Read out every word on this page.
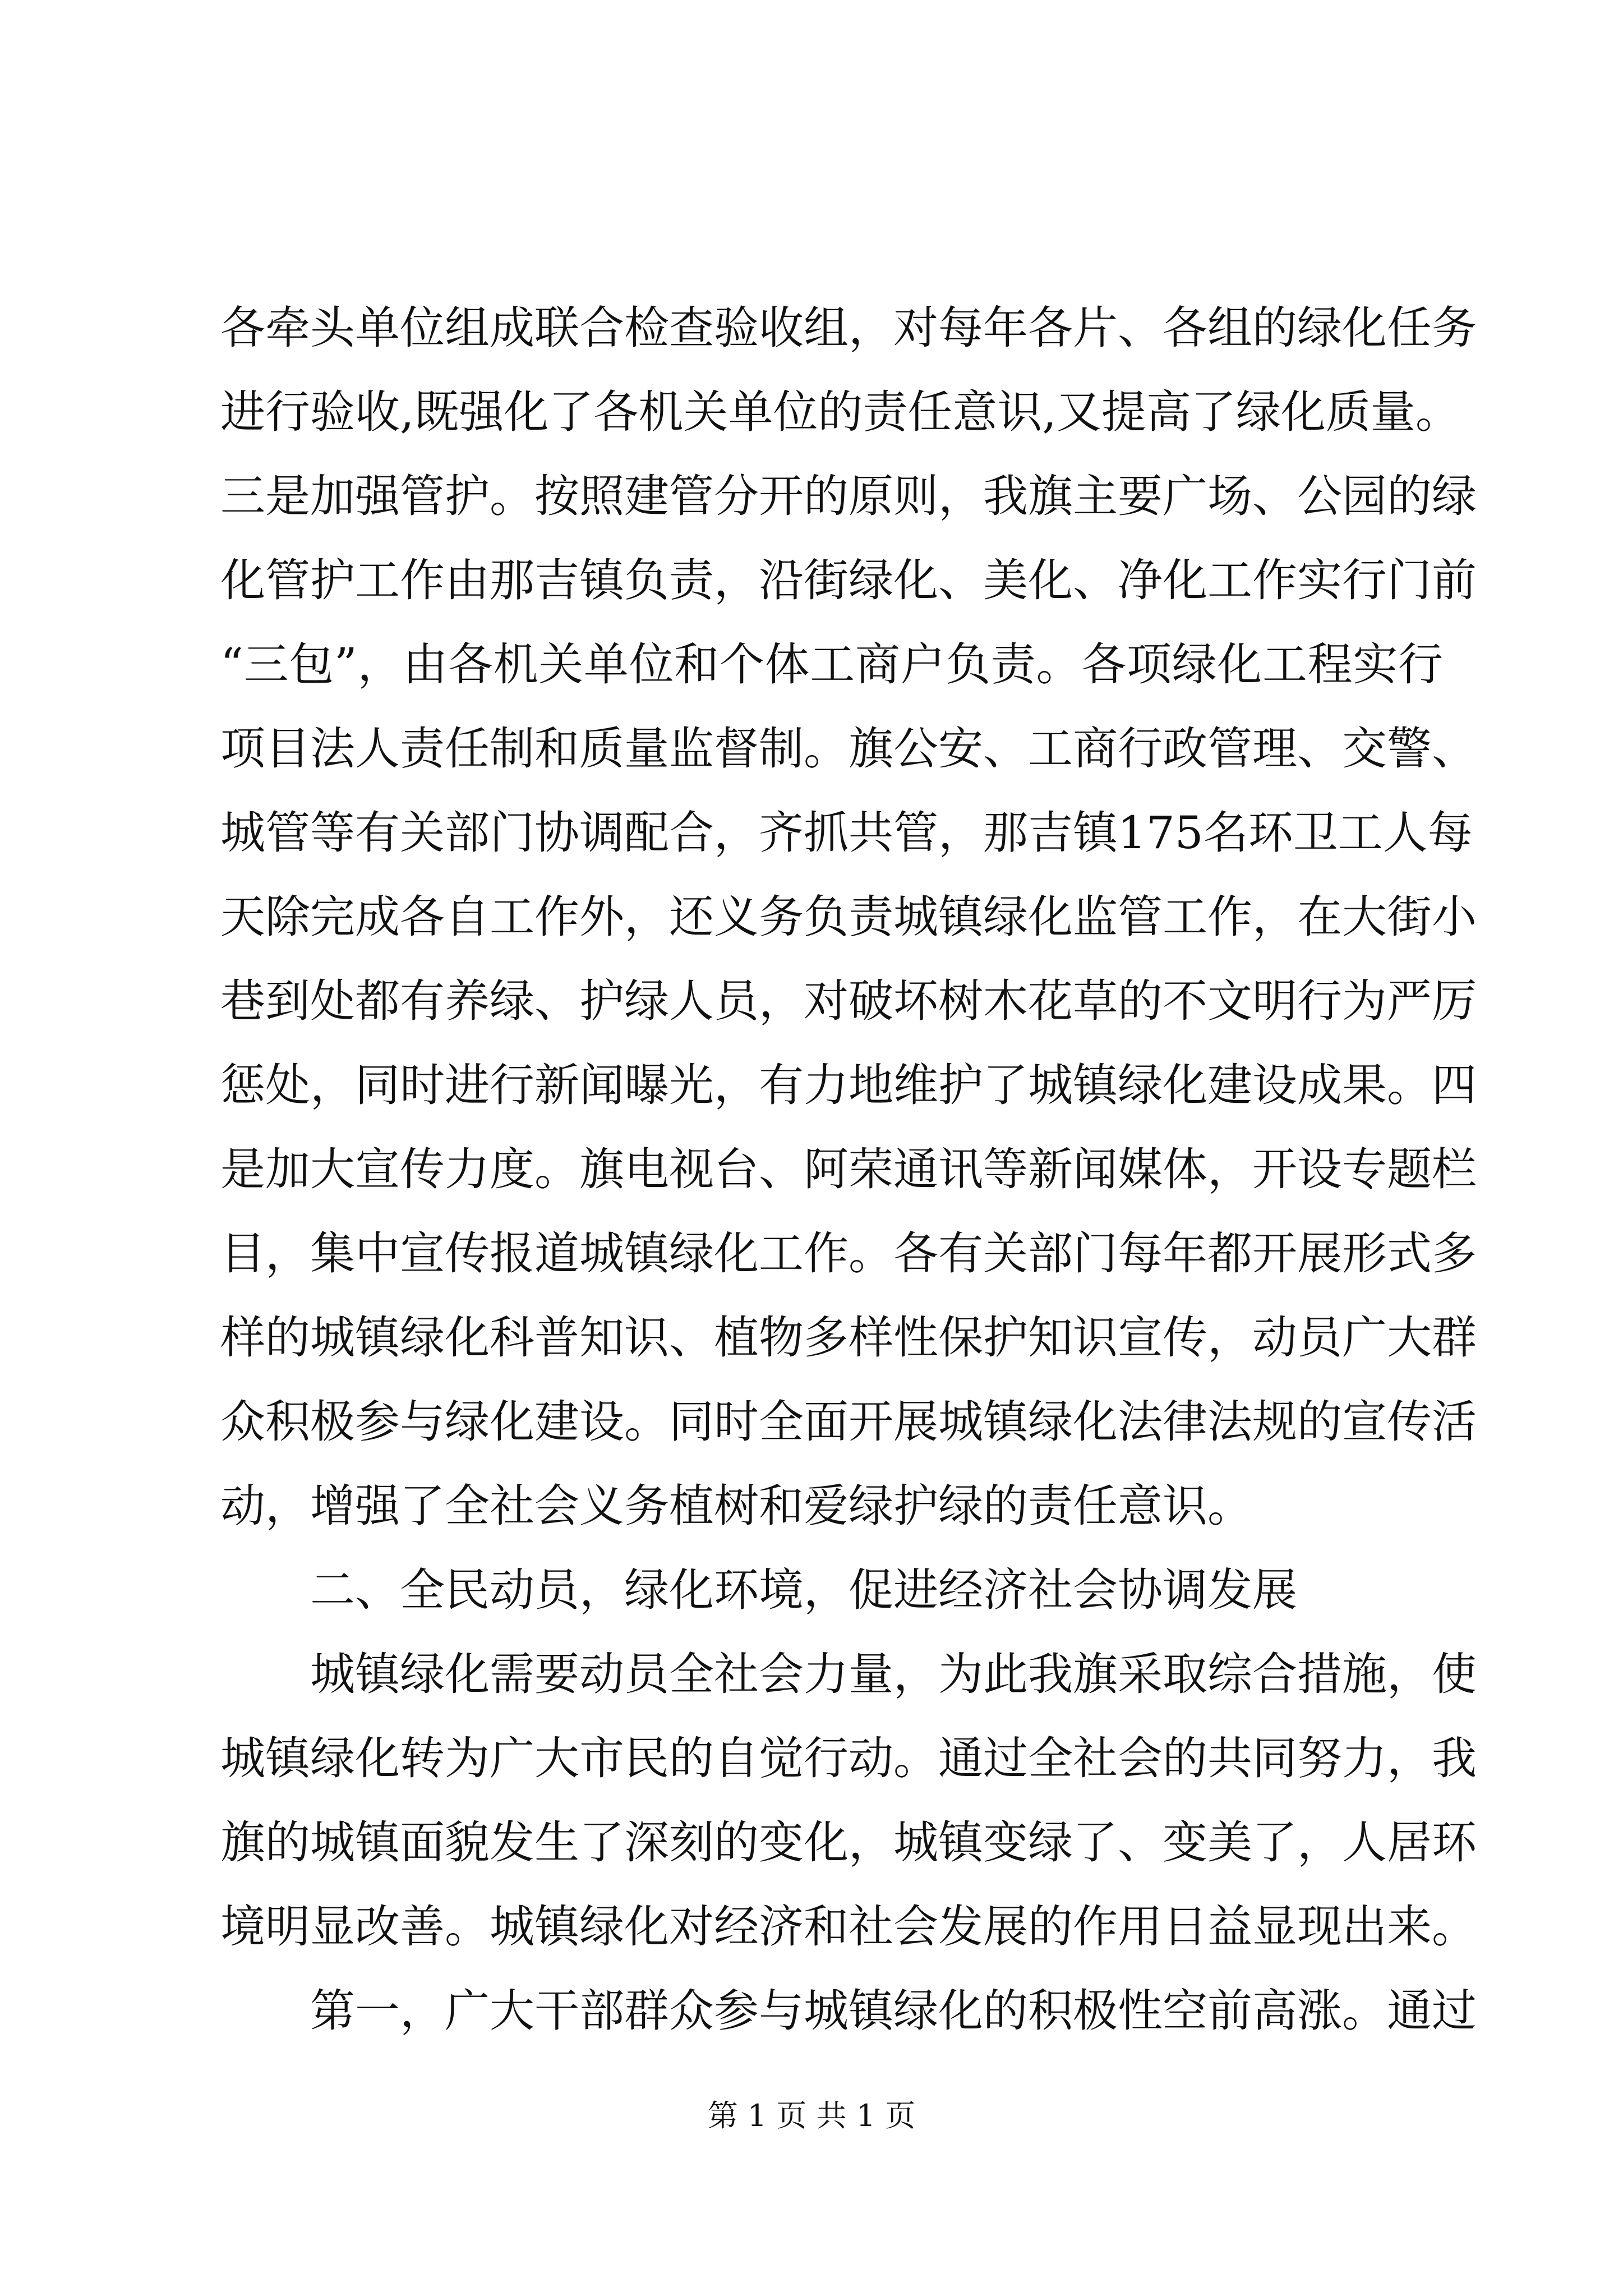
各牵头单位组成联合检查验收组，对每年各片、各组的绿化任务
进行验收,既强化了各机关单位的责任意识,又提高了绿化质量。
三是加强管护。按照建管分开的原则，我旗主要广场、公园的绿
化管护工作由那吉镇负责，沿街绿化、美化、净化工作实行门前
“三包”，由各机关单位和个体工商户负责。各项绿化工程实行
项目法人责任制和质量监督制。旗公安、工商行政管理、交警、
城管等有关部门协调配合，齐抓共管，那吉镇175名环卫工人每
天除完成各自工作外，还义务负责城镇绿化监管工作，在大街小
巷到处都有养绿、护绿人员，对破坏树木花草的不文明行为严厉
惩处，同时进行新闻曝光，有力地维护了城镇绿化建设成果。四
是加大宣传力度。旗电视台、阿荣通讯等新闻媒体，开设专题栏
目，集中宣传报道城镇绿化工作。各有关部门每年都开展形式多
样的城镇绿化科普知识、植物多样性保护知识宣传，动员广大群
众积极参与绿化建设。同时全面开展城镇绿化法律法规的宣传活
动，增强了全社会义务植树和爱绿护绿的责任意识。
二、全民动员，绿化环境，促进经济社会协调发展
城镇绿化需要动员全社会力量，为此我旗采取综合措施，使
城镇绿化转为广大市民的自觉行动。通过全社会的共同努力，我
旗的城镇面貌发生了深刻的变化，城镇变绿了、变美了，人居环
境明显改善。城镇绿化对经济和社会发展的作用日益显现出来。
第一，广大干部群众参与城镇绿化的积极性空前高涨。通过
第 1 页 共 1 页
